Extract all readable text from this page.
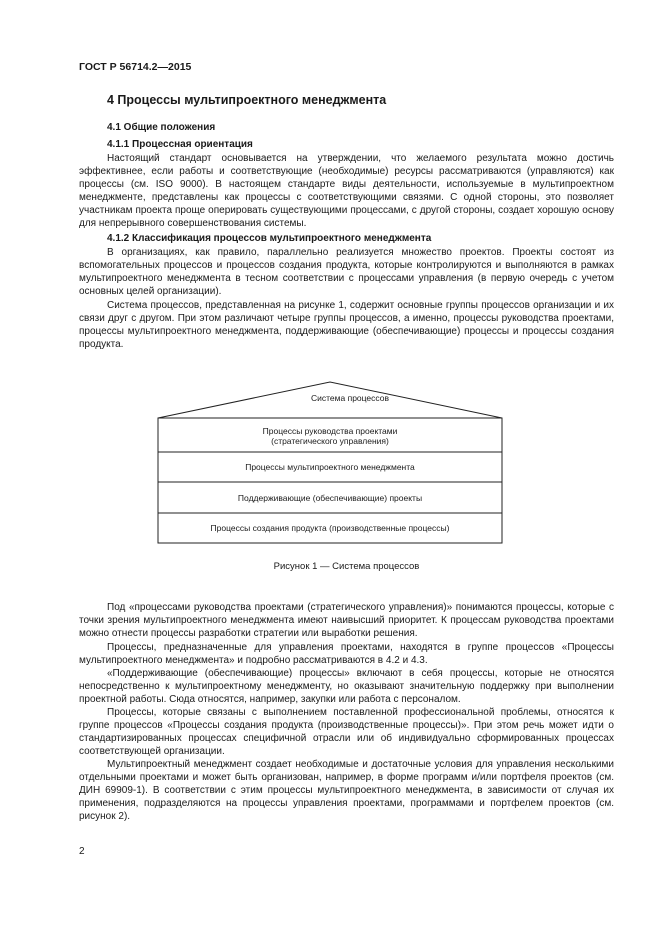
ГОСТ Р 56714.2—2015
4 Процессы мультипроектного менеджмента
4.1 Общие положения
4.1.1 Процессная ориентация

Настоящий стандарт основывается на утверждении, что желаемого результата можно достичь эффективнее, если работы и соответствующие (необходимые) ресурсы рассматриваются (управляются) как процессы (см. ISO 9000). В настоящем стандарте виды деятельности, используемые в мультипроектном менеджменте, представлены как процессы с соответствующими связями. С одной стороны, это позволяет участникам проекта проще оперировать существующими процессами, с другой стороны, создает хорошую основу для непрерывного совершенствования системы.

4.1.2 Классификация процессов мультипроектного менеджмента

В организациях, как правило, параллельно реализуется множество проектов. Проекты состоят из вспомогательных процессов и процессов создания продукта, которые контролируются и выполняются в рамках мультипроектного менеджмента в тесном соответствии с процессами управления (в первую очередь с учетом основных целей организации).

Система процессов, представленная на рисунке 1, содержит основные группы процессов организации и их связи друг с другом. При этом различают четыре группы процессов, а именно, процессы руководства проектами, процессы мультипроектного менеджмента, поддерживающие (обеспечивающие) процессы и процессы создания продукта.

Система процессов
Процессы руководства проектами (стратегического управления)
Процессы мультипроектного менеджмента
Поддерживающие (обеспечивающие) проекты
Процессы создания продукта (производственные процессы)
Рисунок 1 — Система процессов

Под «процессами руководства проектами (стратегического управления)» понимаются процессы, которые с точки зрения мультипроектного менеджмента имеют наивысший приоритет. К процессам руководства проектами можно отнести процессы разработки стратегии или выработки решения.

Процессы, предназначенные для управления проектами, находятся в группе процессов «Процессы мультипроектного менеджмента» и подробно рассматриваются в 4.2 и 4.3.

«Поддерживающие (обеспечивающие) процессы» включают в себя процессы, которые не относятся непосредственно к мультипроектному менеджменту, но оказывают значительную поддержку при выполнении проектной работы. Сюда относятся, например, закупки или работа с персоналом.

Процессы, которые связаны с выполнением поставленной профессиональной проблемы, относятся к группе процессов «Процессы создания продукта (производственные процессы)». При этом речь может идти о стандартизированных процессах специфичной отрасли или об индивидуально сформированных процессах соответствующей организации.

Мультипроектный менеджмент создает необходимые и достаточные условия для управления несколькими отдельными проектами и может быть организован, например, в форме программ и/или портфеля проектов (см. ДИН 69909-1). В соответствии с этим процессы мультипроектного менеджмента, в зависимости от случая их применения, подразделяются на процессы управления проектами, программами и портфелем проектов (см. рисунок 2).

2
